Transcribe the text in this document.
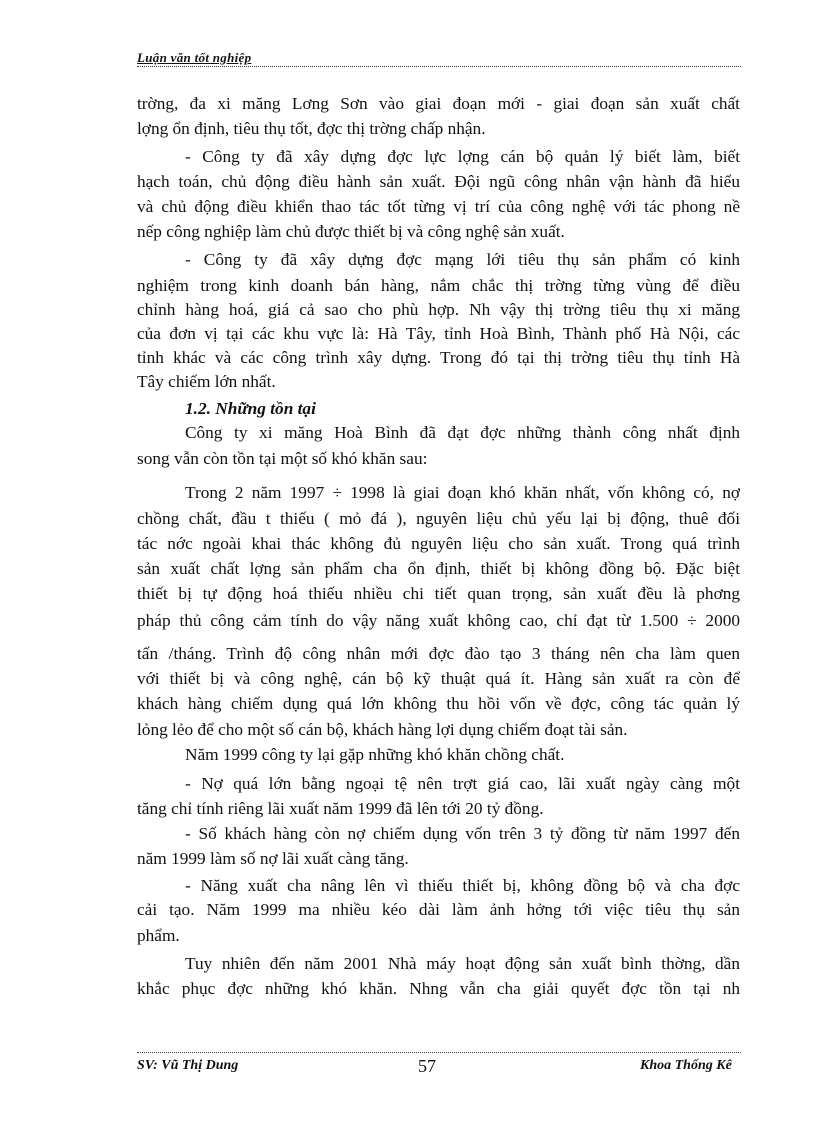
Luận văn tốt nghiệp
trờng, đa xi măng Lơng Sơn vào giai đoạn mới - giai đoạn sản xuất chất
lợng ổn định, tiêu thụ tốt, đợc thị trờng chấp nhận.
- Công ty đã xây dựng đợc lực lợng cán bộ quản lý biết làm, biết
hạch toán, chủ động điều hành sản xuất. Đội ngũ công nhân vận hành đã hiểu
và chủ động điều khiển thao tác tốt từng vị trí của công nghệ với tác phong nề
nếp công nghiệp làm chủ được thiết bị và công nghệ sản xuất.
- Công ty đã xây dựng đợc mạng lới tiêu thụ sản phẩm có kinh
nghiệm trong kinh doanh bán hàng, nắm chắc thị trờng từng vùng để điều
chỉnh hàng hoá, giá cả sao cho phù hợp. Nh vậy thị trờng tiêu thụ xi măng
của đơn vị tại các khu vực là: Hà Tây, tỉnh Hoà Bình, Thành phố Hà Nội, các
tỉnh khác và các công trình xây dựng. Trong đó tại thị trờng tiêu thụ tỉnh Hà
Tây chiếm lớn nhất.
1.2. Những tồn tại
Công ty xi măng Hoà Bình đã đạt đợc những thành công nhất định
song vẫn còn tồn tại một số khó khăn sau:
Trong 2 năm 1997 ÷ 1998 là giai đoạn khó khăn nhất, vốn không có, nợ
chồng chất, đầu t thiếu ( mỏ đá ), nguyên liệu chủ yếu lại bị động, thuê đối
tác nớc ngoài khai thác không đủ nguyên liệu cho sản xuất. Trong quá trình
sản xuất chất lợng sản phẩm cha ổn định, thiết bị không đồng bộ. Đặc biệt
thiết bị tự động hoá thiếu nhiều chi tiết quan trọng, sản xuất đều là phơng
pháp thủ công cảm tính do vậy năng xuất không cao, chỉ đạt từ 1.500 ÷ 2000
tấn /tháng. Trình độ công nhân mới đợc đào tạo 3 tháng nên cha làm quen
với thiết bị và công nghệ, cán bộ kỹ thuật quá ít. Hàng sản xuất ra còn để
khách hàng chiếm dụng quá lớn không thu hồi vốn về đợc, công tác quản lý
lỏng lẻo để cho một số cán bộ, khách hàng lợi dụng chiếm đoạt tài sản.
Năm 1999 công ty lại gặp những khó khăn chồng chất.
- Nợ quá lớn bằng ngoại tệ nên trợt giá cao, lãi xuất ngày càng một
tăng chỉ tính riêng lãi xuất năm 1999 đã lên tới 20 tỷ đồng.
- Số khách hàng còn nợ chiếm dụng vốn trên 3 tỷ đồng từ năm 1997 đến
năm 1999 làm số nợ lãi xuất càng tăng.
- Năng xuất cha nâng lên vì thiếu thiết bị, không đồng bộ và cha đợc
cải tạo. Năm 1999 ma nhiều kéo dài làm ảnh hởng tới việc tiêu thụ sản
phẩm.
Tuy nhiên đến năm 2001 Nhà máy hoạt động sản xuất bình thờng, dần
khắc phục đợc những khó khăn. Nhng vẫn cha giải quyết đợc tồn tại nh
SV: Vũ Thị Dung	57	Khoa Thống Kê
